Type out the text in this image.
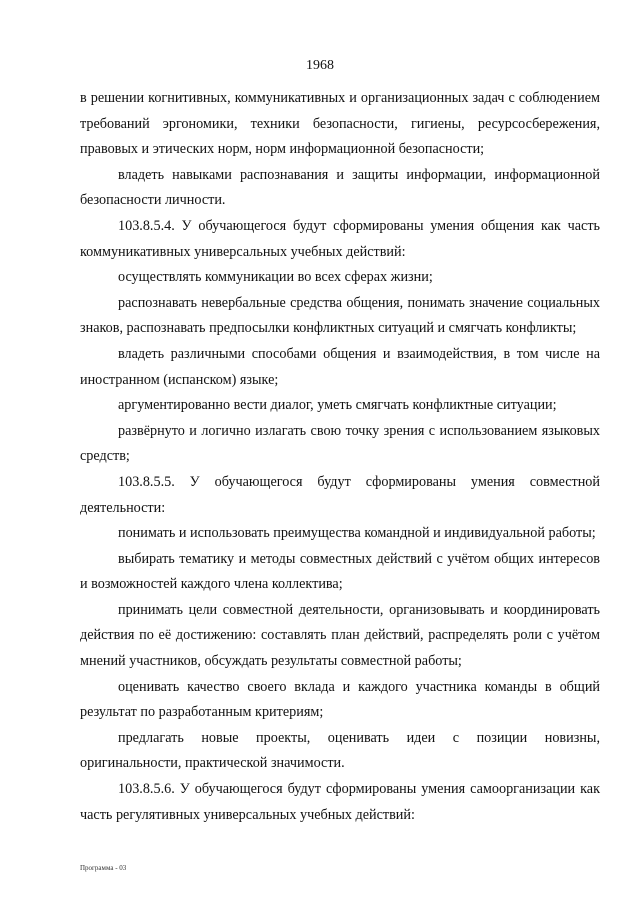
1968

в решении когнитивных, коммуникативных и организационных задач с соблюдением требований эргономики, техники безопасности, гигиены, ресурсосбережения, правовых и этических норм, норм информационной безопасности;

владеть навыками распознавания и защиты информации, информационной безопасности личности.

103.8.5.4. У обучающегося будут сформированы умения общения как часть коммуникативных универсальных учебных действий:

осуществлять коммуникации во всех сферах жизни;

распознавать невербальные средства общения, понимать значение социальных знаков, распознавать предпосылки конфликтных ситуаций и смягчать конфликты;

владеть различными способами общения и взаимодействия, в том числе на иностранном (испанском) языке;

аргументированно вести диалог, уметь смягчать конфликтные ситуации;

развёрнуто и логично излагать свою точку зрения с использованием языковых средств;

103.8.5.5. У обучающегося будут сформированы умения совместной деятельности:

понимать и использовать преимущества командной и индивидуальной работы;

выбирать тематику и методы совместных действий с учётом общих интересов и возможностей каждого члена коллектива;

принимать цели совместной деятельности, организовывать и координировать действия по её достижению: составлять план действий, распределять роли с учётом мнений участников, обсуждать результаты совместной работы;

оценивать качество своего вклада и каждого участника команды в общий результат по разработанным критериям;

предлагать новые проекты, оценивать идеи с позиции новизны, оригинальности, практической значимости.

103.8.5.6. У обучающегося будут сформированы умения самоорганизации как часть регулятивных универсальных учебных действий:

Программа - 03
